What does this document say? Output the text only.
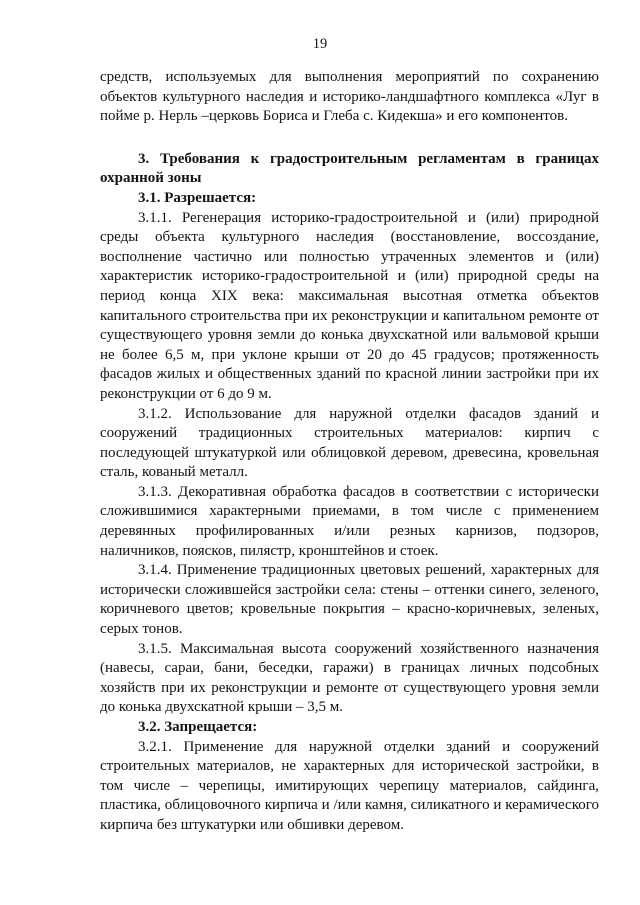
19

средств, используемых для выполнения мероприятий по сохранению объектов культурного наследия и историко-ландшафтного комплекса «Луг в пойме р. Нерль –церковь Бориса и Глеба с. Кидекша» и его компонентов.

3. Требования к градостроительным регламентам в границах охранной зоны

3.1. Разрешается:

3.1.1. Регенерация историко-градостроительной и (или) природной среды объекта культурного наследия (восстановление, воссоздание, восполнение частично или полностью утраченных элементов и (или) характеристик историко-градостроительной и (или) природной среды на период конца XIX века: максимальная высотная отметка объектов капитального строительства при их реконструкции и капитальном ремонте от существующего уровня земли до конька двухскатной или вальмовой крыши не более 6,5 м, при уклоне крыши от 20 до 45 градусов; протяженность фасадов жилых и общественных зданий по красной линии застройки при их реконструкции от 6 до 9 м.

3.1.2. Использование для наружной отделки фасадов зданий и сооружений традиционных строительных материалов: кирпич с последующей штукатуркой или облицовкой деревом, древесина, кровельная сталь, кованый металл.

3.1.3. Декоративная обработка фасадов в соответствии с исторически сложившимися характерными приемами, в том числе с применением деревянных профилированных и/или резных карнизов, подзоров, наличников, поясков, пилястр, кронштейнов и стоек.

3.1.4. Применение традиционных цветовых решений, характерных для исторически сложившейся застройки села: стены – оттенки синего, зеленого, коричневого цветов; кровельные покрытия – красно-коричневых, зеленых, серых тонов.

3.1.5. Максимальная высота сооружений хозяйственного назначения (навесы, сараи, бани, беседки, гаражи) в границах личных подсобных хозяйств при их реконструкции и ремонте от существующего уровня земли до конька двухскатной крыши – 3,5 м.

3.2. Запрещается:

3.2.1. Применение для наружной отделки зданий и сооружений строительных материалов, не характерных для исторической застройки, в том числе – черепицы, имитирующих черепицу материалов, сайдинга, пластика, облицовочного кирпича и /или камня, силикатного и керамического кирпича без штукатурки или обшивки деревом.
